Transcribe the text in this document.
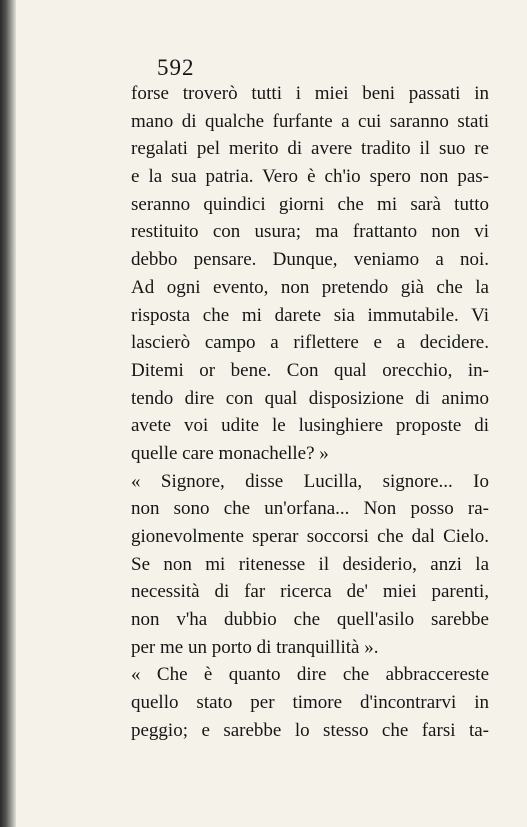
592
forse troverò tutti i miei beni passati in
mano di qualche furfante a cui saranno stati
regalati pel merito di avere tradito il suo re
e la sua patria. Vero è ch'io spero non pas-
seranno quindici giorni che mi sarà tutto
restituito con usura; ma frattanto non vi
debbo pensare. Dunque, veniamo a noi.
Ad ogni evento, non pretendo già che la
risposta che mi darete sia immutabile. Vi
lascierò campo a riflettere e a decidere.
Ditemi or bene. Con qual orecchio, in-
tendo dire con qual disposizione di animo
avete voi udite le lusinghiere proposte di
quelle care monachelle? »
« Signore, disse Lucilla, signore... Io
non sono che un'orfana... Non posso ra-
gionevolmente sperar soccorsi che dal Cielo.
Se non mi ritenesse il desiderio, anzi la
necessità di far ricerca de' miei parenti,
non v'ha dubbio che quell'asilo sarebbe
per me un porto di tranquillità ».
« Che è quanto dire che abbraccereste
quello stato per timore d'incontrarvi in
peggio; e sarebbe lo stesso che farsi ta-
